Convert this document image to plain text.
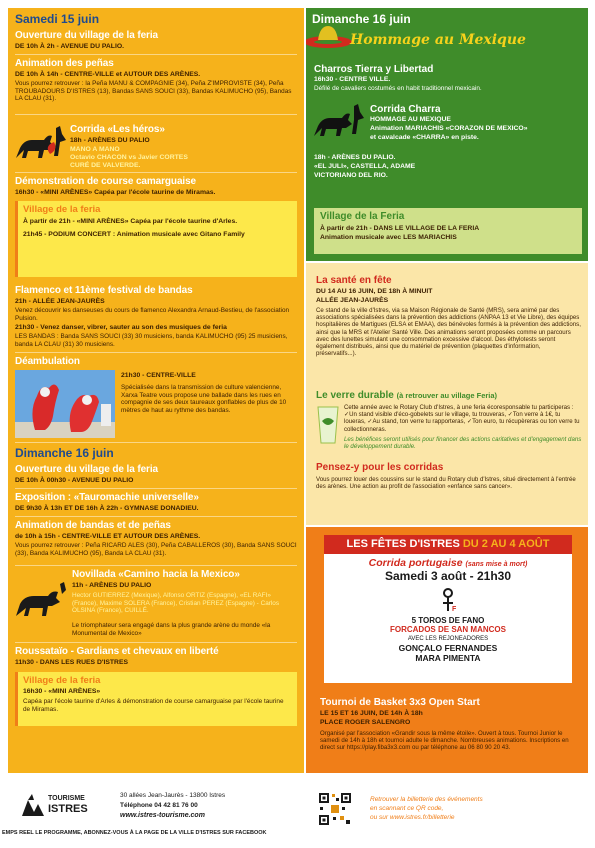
Samedi 15 juin
Ouverture du village de la feria
DE 10h À 2h - AVENUE DU PALIO.
Animation des peñas
DE 10h À 14h - CENTRE-VILLE et AUTOUR DES ARÈNES.
Vous pourrez retrouver : la Peña MANU & COMPAGNIE (34), Peña Z'IMPROVISTE (34), Peña TROUBADOURS D'ISTRES (13), Bandas SANS SOUCI (33), Bandas KALIMUCHO (95), Bandas LA CLAU (31).
Corrida «Les héros»
18h - ARÈNES DU PALIO
MANO A MANO
Octavio CHACON vs Javier CORTES
CURÉ DE VALVERDE.
Démonstration de course camarguaise
16h30 - «MINI ARÈNES» Capéa par l'école taurine de Miramas.
Village de la feria
À partir de 21h - «MINI ARÈNES» Capéa par l'école taurine d'Arles.
21h45 - PODIUM CONCERT : Animation musicale avec Gitano Family
Flamenco et 11ème festival de bandas
21h - ALLÉE JEAN-JAURÈS
Venez découvrir les danseuses du cours de flamenco Alexandra Arnaud-Bestieu, de l'association Pulsion.
21h30 - Venez danser, vibrer, sauter au son des musiques de feria
LES BANDAS : Banda SANS SOUCI (33) 30 musiciens, banda KALIMUCHO (95) 25 musiciens, banda LA CLAU (31) 30 musiciens.
Déambulation
21h30 - CENTRE-VILLE
Spécialisée dans la transmission de culture valencienne, Xarxa Teatre vous propose une ballade dans les rues en compagnie de ses deux taureaux gonflables de plus de 10 mètres de haut au rythme des bandas.
Dimanche 16 juin
Ouverture du village de la feria
DE 10h À 00h30 - AVENUE DU PALIO
Exposition : «Tauromachie universelle»
DE 9h30 À 13h ET DE 16h À 22h - GYMNASE DONADIEU.
Animation de bandas et de peñas
de 10h à 15h - CENTRE-VILLE ET AUTOUR DES ARÈNES.
Vous pourrez retrouver : Peña RICARD ALES (30), Peña CABALLEROS (30), Banda SANS SOUCI (33), Banda KALIMUCHO (95), Banda LA CLAU (31).
Novillada «Camino hacia la Mexico»
11h - ARÈNES DU PALIO
Hector GUTIERREZ (Mexique), Alfonso ORTIZ (Espagne), «EL RAFI» (France), Maxime SOLERA (France), Cristian PEREZ (Espagne) - Carlos OLSINA (France), CUILLÉ.
Le triomphateur sera engagé dans la plus grande arène du monde «la Monumental de Mexico»
Roussataïo - Gardians et chevaux en liberté
11h30 - DANS LES RUES D'ISTRES
Village de la feria
16h30 - «MINI ARÈNES»
Capéa par l'école taurine d'Arles & démonstration de course camarguaise par l'école taurine de Miramas.
Dimanche 16 juin
Hommage au Mexique
Charros Tierra y Libertad
16h30 - CENTRE VILLE.
Défilé de cavaliers costumés en habit traditionnel mexicain.
Corrida Charra
HOMMAGE AU MEXIQUE
Animation MARIACHIS «CORAZON DE MEXICO»
et cavalcade «CHARRA» en piste.
18h - ARÈNES DU PALIO.
«EL JULI», CASTELLA, ADAME
VICTORIANO DEL RIO.
Village de la Feria
À partir de 21h - DANS LE VILLAGE DE LA FERIA
Animation musicale avec LES MARIACHIS
La santé en fête
DU 14 AU 16 JUIN, DE 18h À MINUIT
ALLÉE JEAN-JAURÈS
Ce stand de la ville d'Istres, via sa Maison Régionale de Santé (MRS), sera animé par des associations spécialisées dans la prévention des addictions (ANPAA 13 et Vie Libre), des équipes hospitalières de Martigues (ELSA et EMAA), des bénévoles formés à la prévention des addictions, ainsi que la MRS et l'Atelier Santé Ville. Des animations seront proposées comme un parcours avec des lunettes simulant une consommation excessive d'alcool. Des éthylotests seront également distribués, ainsi que du matériel de prévention (plaquettes d'information, préservatifs...).
Le verre durable (à retrouver au village Feria)
Cette année avec le Rotary Club d'Istres, à une feria écoresponsable tu participeras : ✓Un stand visible d'éco-gobelets sur le village, tu trouveras, ✓Ton verre à 1€, tu loueras, ✓Au stand, ton verre tu rapporteras, ✓Ton euro, tu récupèreras ou ton verre tu collectionneras.
Les bénéfices seront utilisés pour financer des actions caritatives et d'engagement dans le développement durable.
Pensez-y pour les corridas
Vous pourrez louer des coussins sur le stand du Rotary club d'Istres, situé directement à l'entrée des arènes. Une action au profit de l'association «enfance sans cancer».
LES FÊTES D'ISTRES DU 2 AU 4 AOÛT
Corrida portugaise (sans mise à mort)
Samedi 3 août - 21h30
F
5 TOROS DE FANO
FORCADOS DE SAN MANCOS
AVEC LES REJONEADORES
GONÇALO FERNANDES
MARA PIMENTA
Tournoi de Basket 3x3 Open Start
LE 15 ET 16 JUIN, DE 14h À 18h
PLACE ROGER SALENGRO
Organisé par l'association «Grandir sous la même étoile». Ouvert à tous. Tournoi Junior le samedi de 14h à 18h et tournoi adulte le dimanche. Nombreuses animations. Inscriptions en direct sur https://play.fiba3x3.com ou par téléphone au 06 80 90 20 43.
TOURISME
ISTRES
30 allées Jean-Jaurès - 13800 Istres
Téléphone 04 42 81 76 00
www.istres-tourisme.com
EMPS REEL LE PROGRAMME, ABONNEZ-VOUS À LA PAGE DE LA VILLE D'ISTRES SUR FACEBOOK
Retrouver la billetterie des événements
en scannant ce QR code,
ou sur www.istres.fr/billetterie
